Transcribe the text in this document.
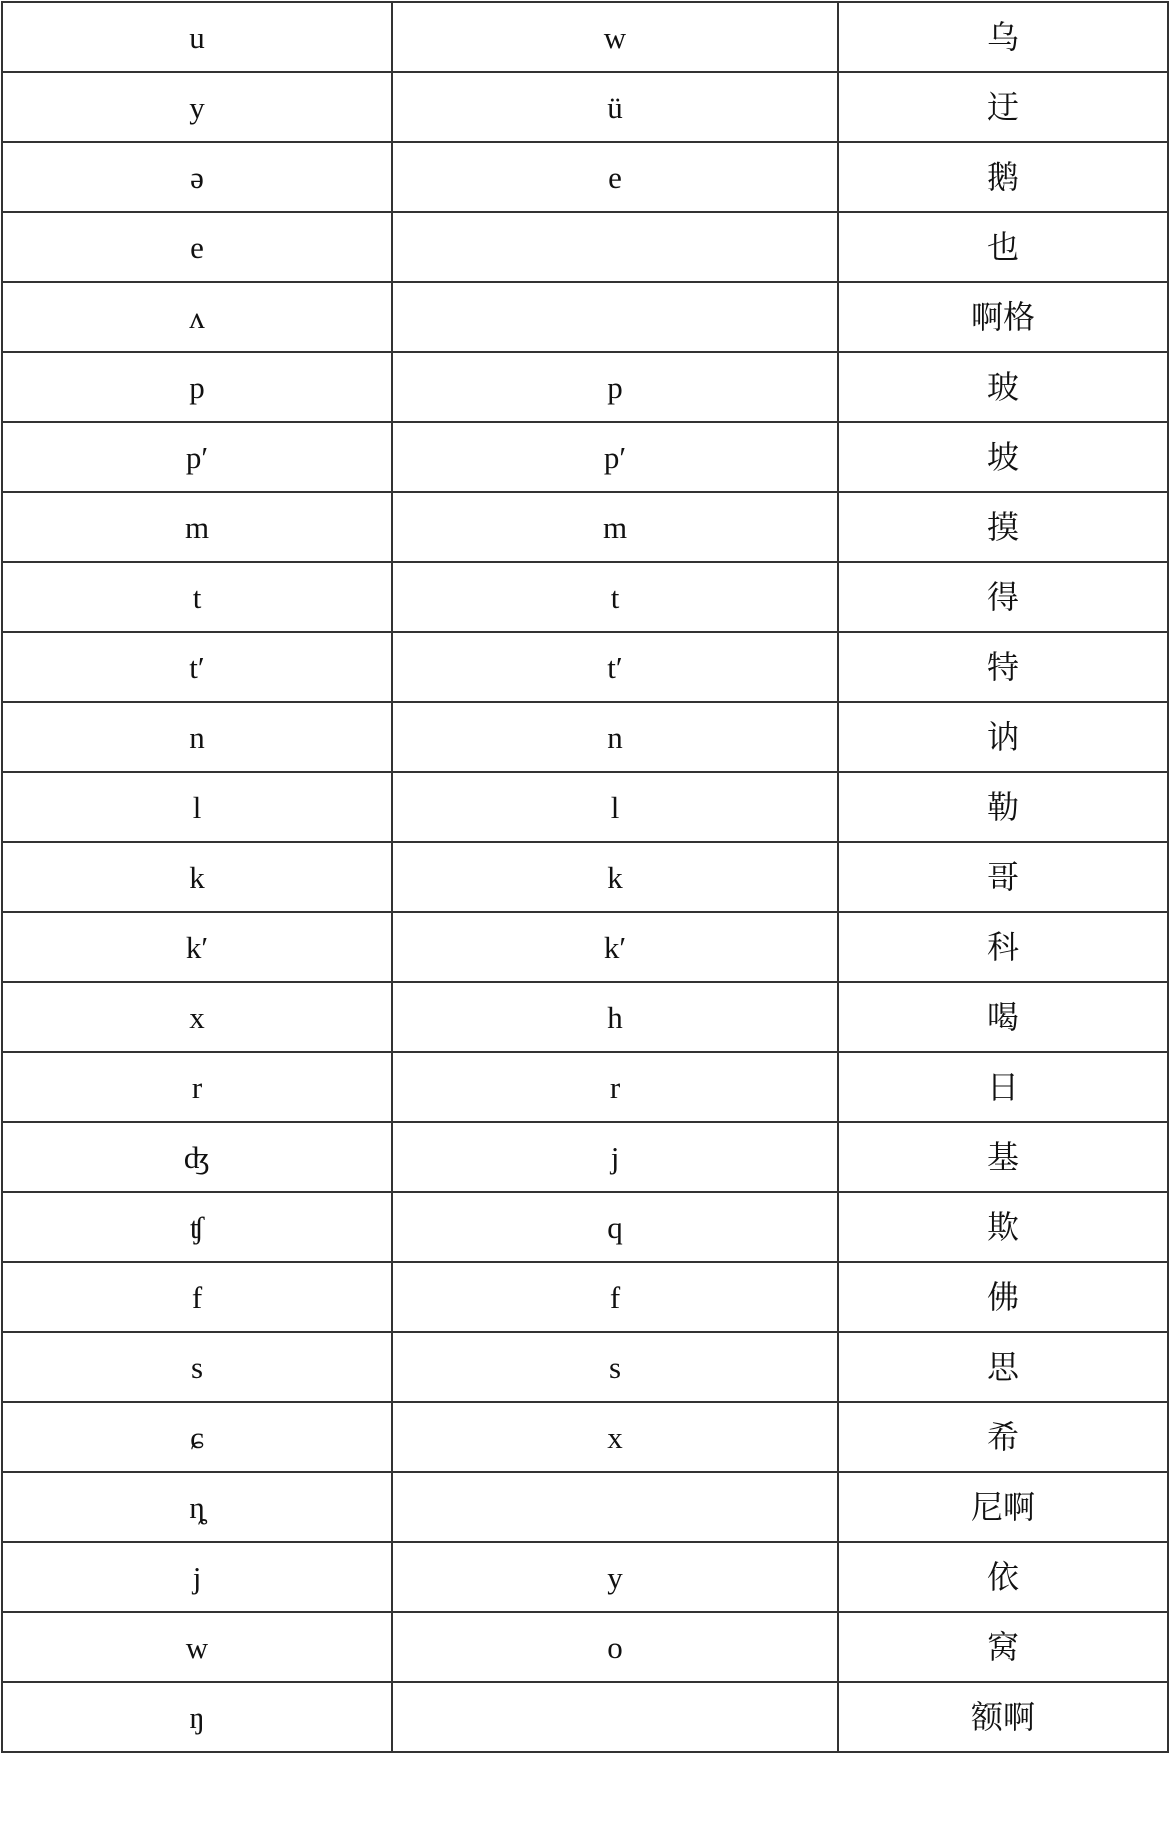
u	w	乌
y	ü	迂
ə	e	鹅
e		也
ʌ		啊格
p	p	玻
p′	p′	坡
m	m	摸
t	t	得
t′	t′	特
n	n	讷
l	l	勒
k	k	哥
k′	k′	科
x	h	喝
r	r	日
ʤ	j	基
ʧ	q	欺
f	f	佛
s	s	思
ɕ	x	希
ȵ		尼啊
j	y	依
w	o	窝
ŋ		额啊
